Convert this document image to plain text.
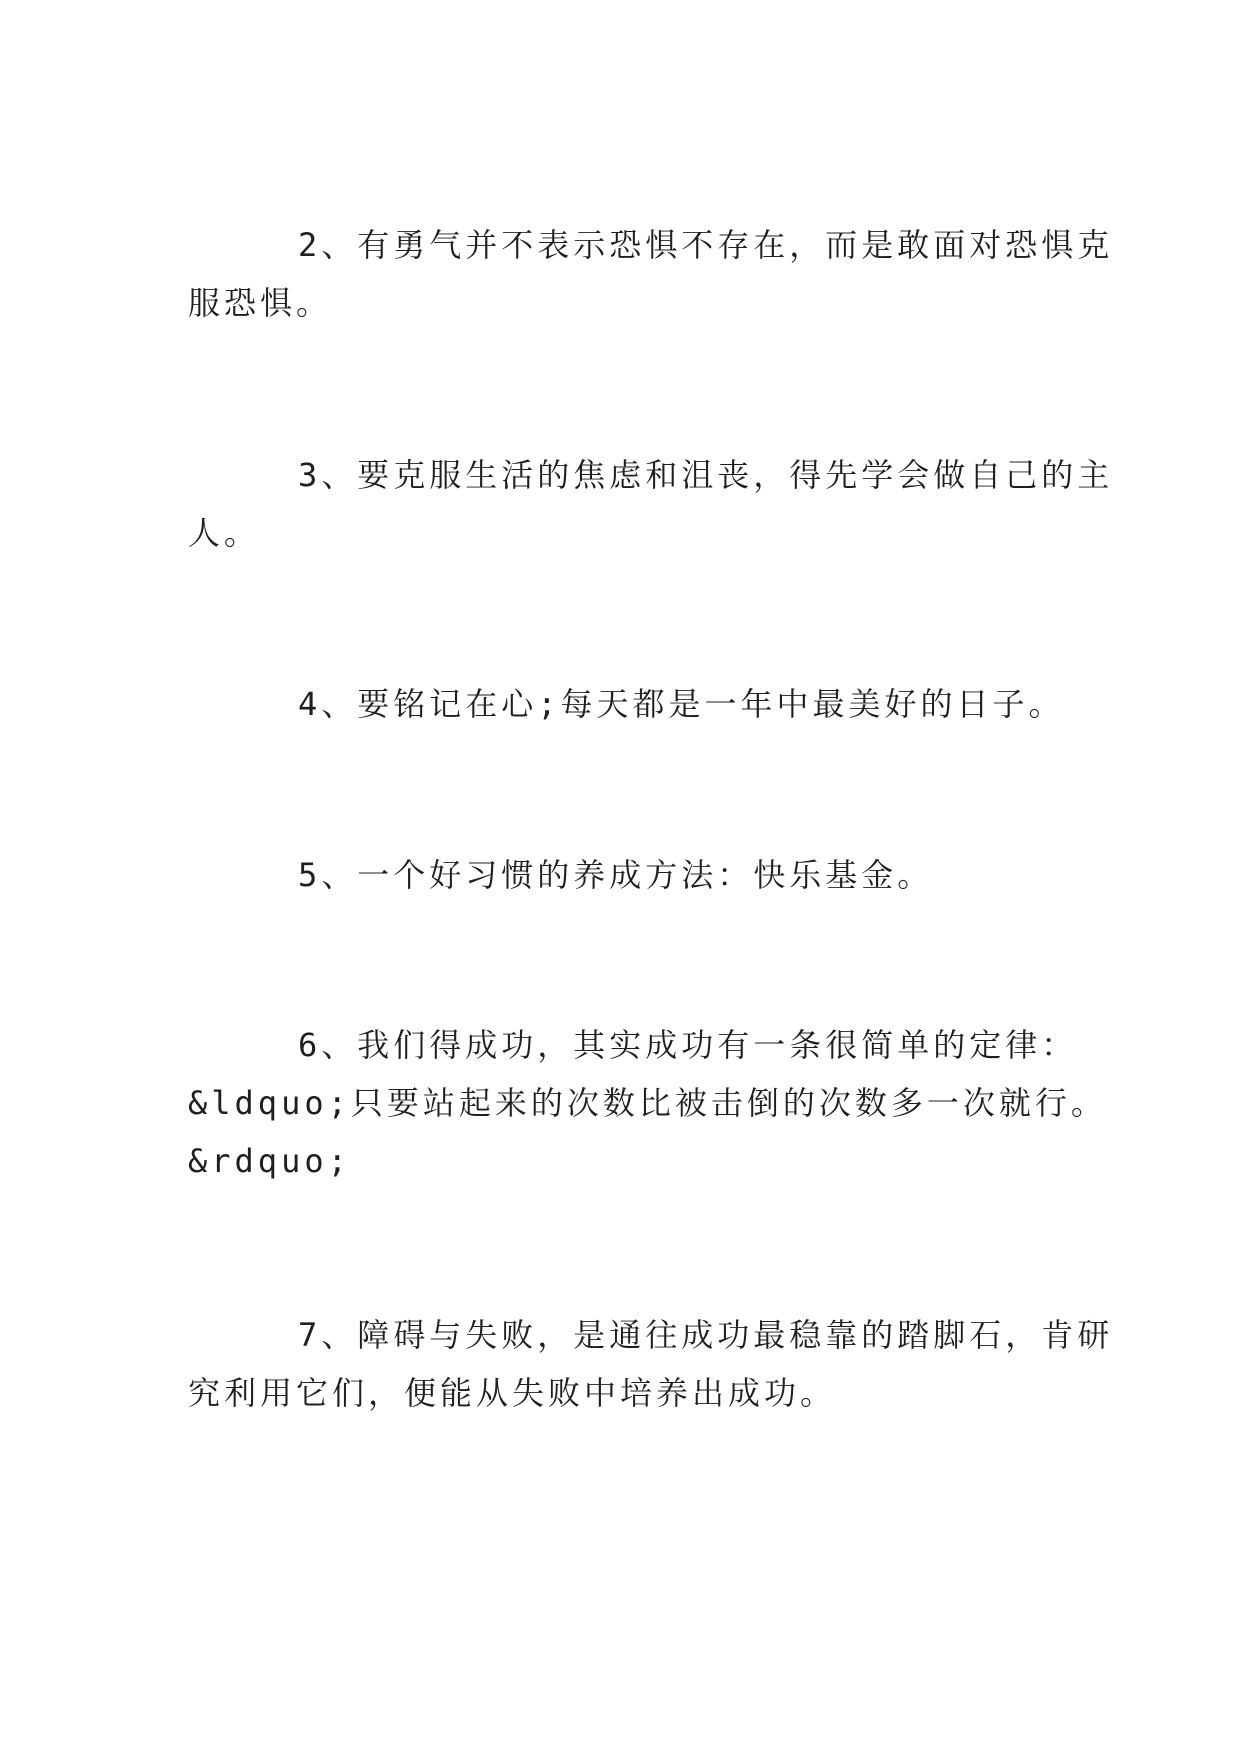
2、有勇气并不表示恐惧不存在，而是敢面对恐惧克
服恐惧。
3、要克服生活的焦虑和沮丧，得先学会做自己的主
人。
4、要铭记在心;每天都是一年中最美好的日子。
5、一个好习惯的养成方法：快乐基金。
6、我们得成功，其实成功有一条很简单的定律：
&ldquo;只要站起来的次数比被击倒的次数多一次就行。
&rdquo;
7、障碍与失败，是通往成功最稳靠的踏脚石，肯研
究利用它们，便能从失败中培养出成功。
